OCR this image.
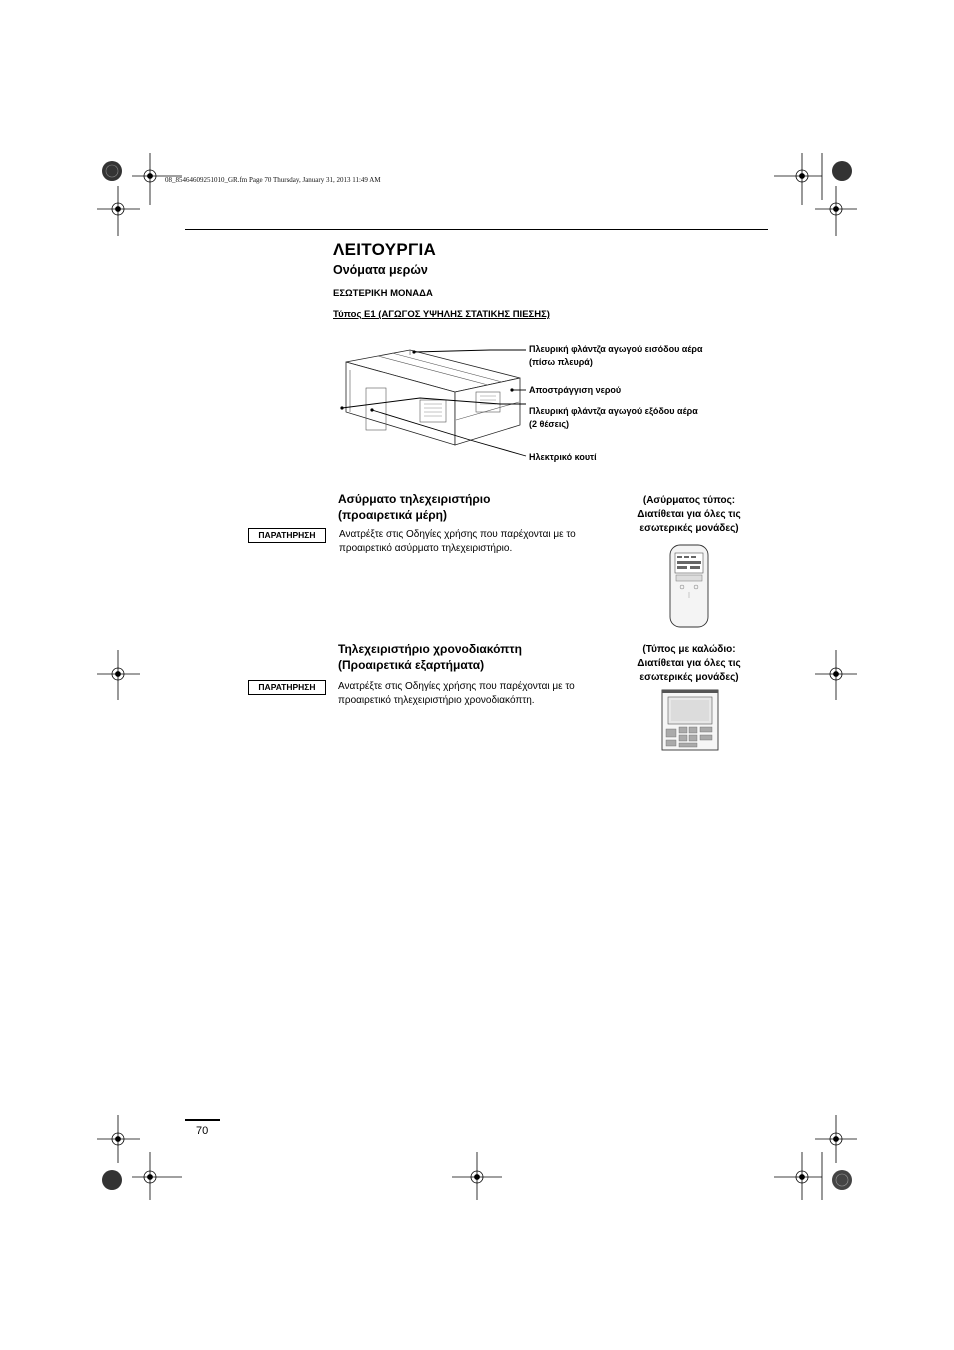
08_85464609251010_GR.fm Page 70 Thursday, January 31, 2013 11:49 AM
ΛΕΙΤΟΥΡΓΙΑ
Ονόματα μερών
ΕΣΩΤΕΡΙΚΗ ΜΟΝΑΔΑ
Τύπος E1 (ΑΓΩΓΟΣ ΥΨΗΛΗΣ ΣΤΑΤΙΚΗΣ ΠΙΕΣΗΣ)
Πλευρική φλάντζα αγωγού εισόδου αέρα
(πίσω πλευρά)
Αποστράγγιση νερού
Πλευρική φλάντζα αγωγού εξόδου αέρα
(2 θέσεις)
Ηλεκτρικό κουτί
Ασύρματο τηλεχειριστήριο
(προαιρετικά μέρη)
ΠΑΡΑΤΗΡΗΣΗ	Ανατρέξτε στις Οδηγίες χρήσης που παρέχονται με το προαιρετικό ασύρματο τηλεχειριστήριο.
(Ασύρματος τύπος:
Διατίθεται για όλες τις
εσωτερικές μονάδες)
Τηλεχειριστήριο χρονοδιακόπτη
(Προαιρετικά εξαρτήματα)
ΠΑΡΑΤΗΡΗΣΗ	Ανατρέξτε στις Οδηγίες χρήσης που παρέχονται με το προαιρετικό τηλεχειριστήριο χρονοδιακόπτη.
(Τύπος με καλώδιο:
Διατίθεται για όλες τις
εσωτερικές μονάδες)
70
